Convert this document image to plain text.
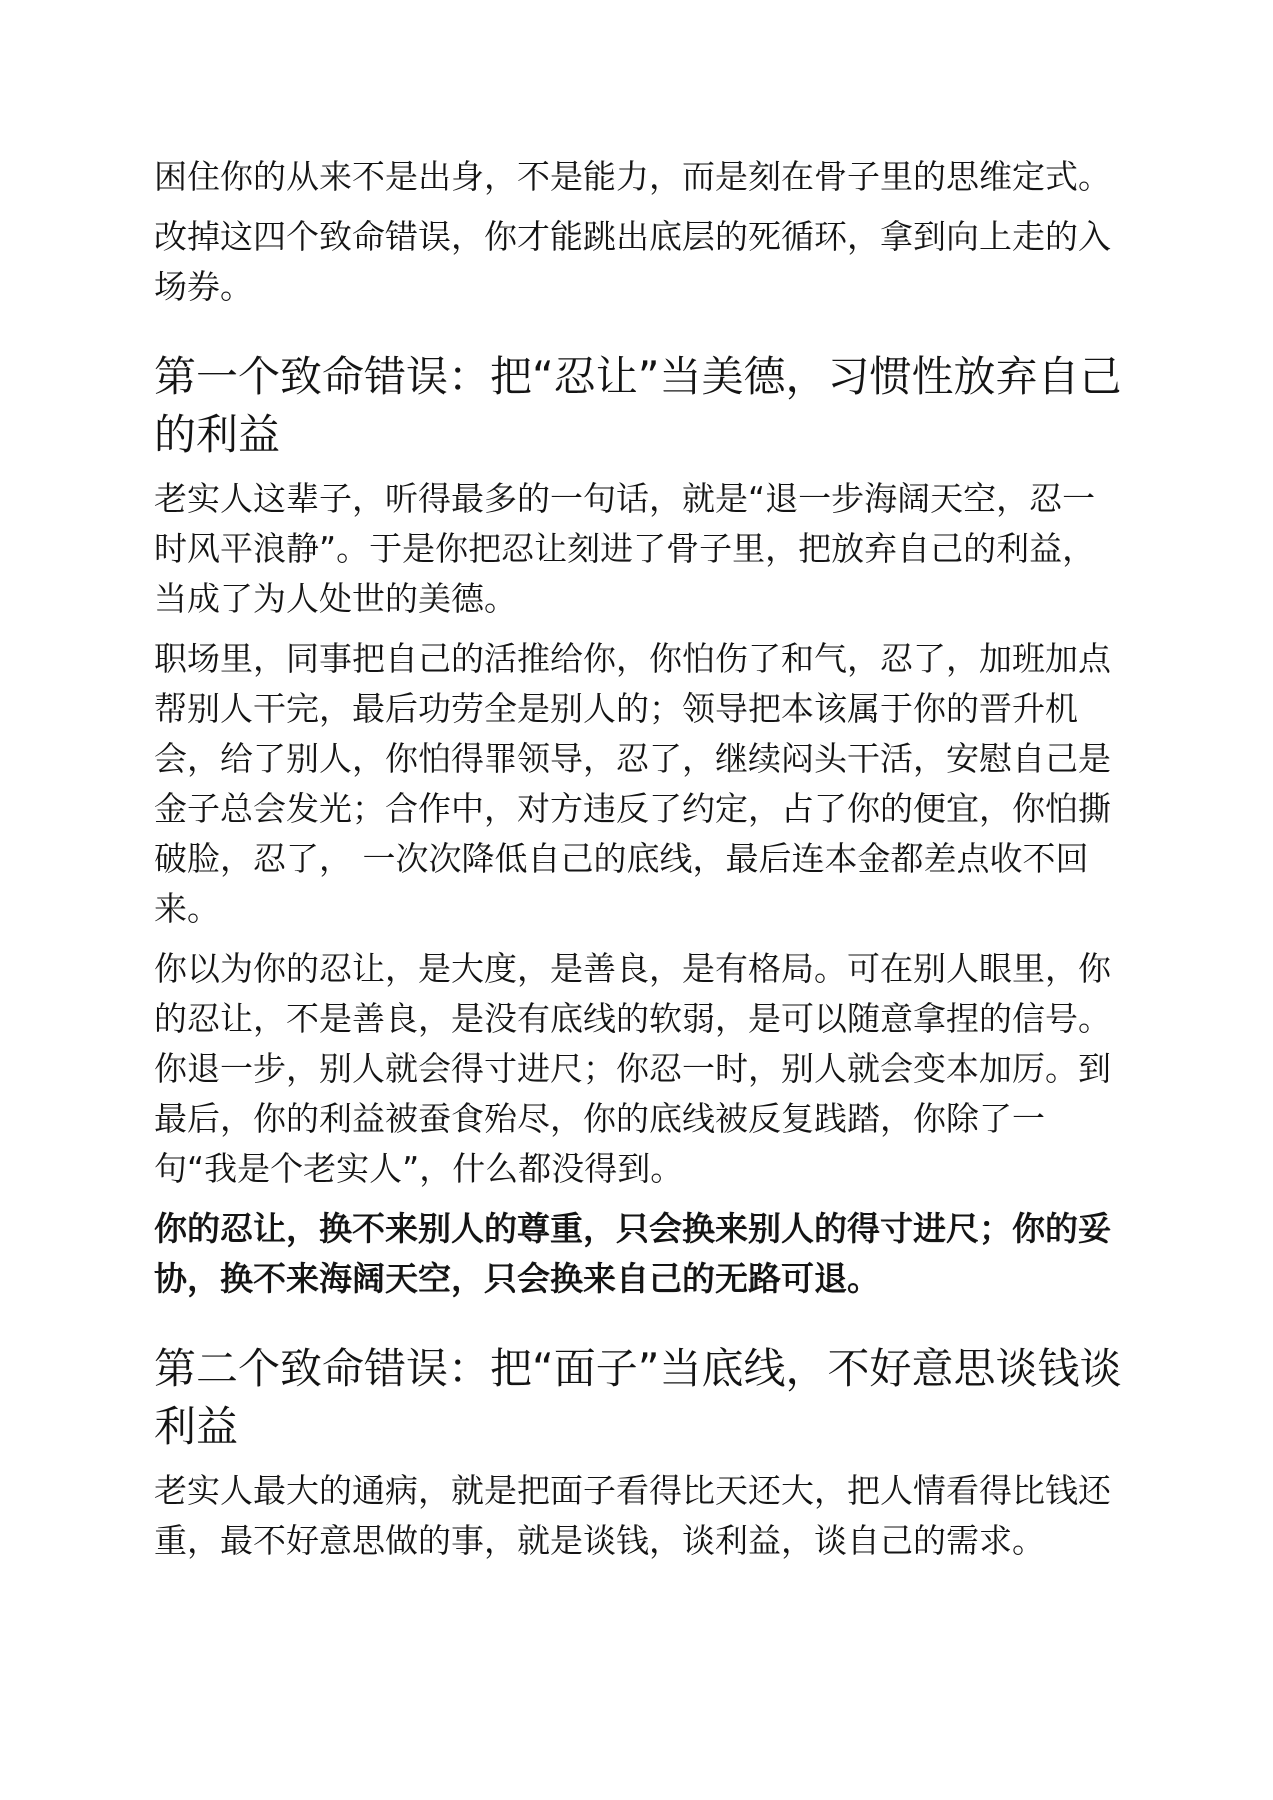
困住你的从来不是出身，不是能力，而是刻在骨子里的思维定式。

改掉这四个致命错误，你才能跳出底层的死循环，拿到向上走的入场券。

第一个致命错误：把“忍让”当美德，习惯性放弃自己的利益

老实人这辈子，听得最多的一句话，就是“退一步海阔天空，忍一时风平浪静”。于是你把忍让刻进了骨子里，把放弃自己的利益，当成了为人处世的美德。

职场里，同事把自己的活推给你，你怕伤了和气，忍了，加班加点帮别人干完，最后功劳全是别人的；领导把本该属于你的晋升机会，给了别人，你怕得罪领导，忍了，继续闷头干活，安慰自己是金子总会发光；合作中，对方违反了约定，占了你的便宜，你怕撕破脸，忍了， 一次次降低自己的底线，最后连本金都差点收不回来。

你以为你的忍让，是大度，是善良，是有格局。可在别人眼里，你的忍让，不是善良，是没有底线的软弱，是可以随意拿捏的信号。你退一步，别人就会得寸进尺；你忍一时，别人就会变本加厉。到最后，你的利益被蚕食殆尽，你的底线被反复践踏，你除了一句“我是个老实人”，什么都没得到。

你的忍让，换不来别人的尊重，只会换来别人的得寸进尺；你的妥协，换不来海阔天空，只会换来自己的无路可退。

第二个致命错误：把“面子”当底线，不好意思谈钱谈利益

老实人最大的通病，就是把面子看得比天还大，把人情看得比钱还重，最不好意思做的事，就是谈钱，谈利益，谈自己的需求。
